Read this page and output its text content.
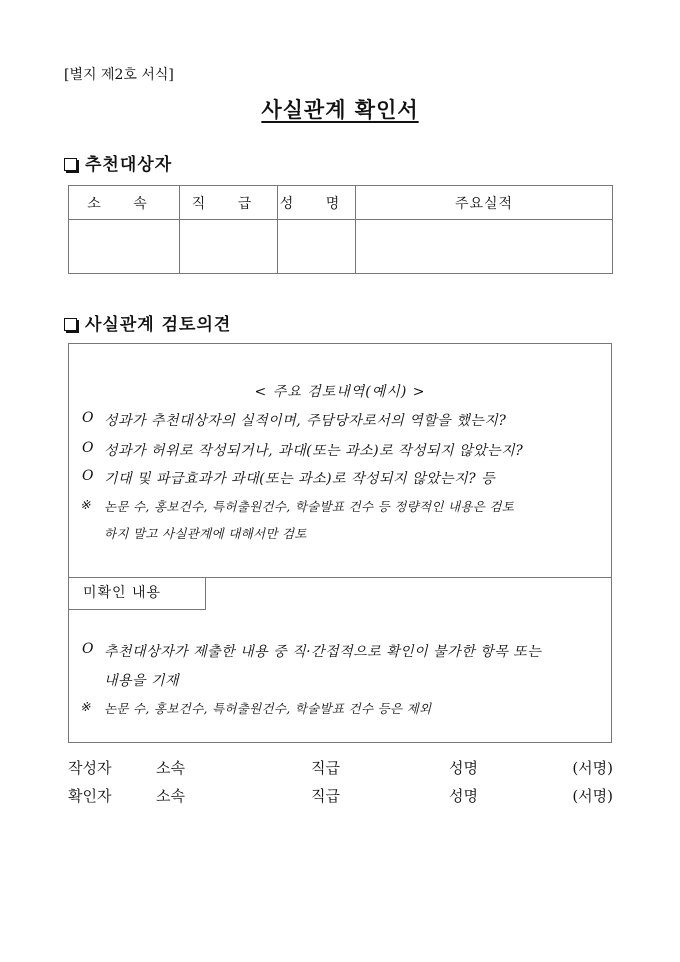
[별지 제2호 서식]
사실관계 확인서
추천대상자
소 속	직 급	성 명	주요실적

사실관계 검토의견
< 주요 검토내역(예시) >
O 성과가 추천대상자의 실적이며, 주담당자로서의 역할을 했는지?
O 성과가 허위로 작성되거나, 과대(또는 과소)로 작성되지 않았는지?
O 기대 및 파급효과가 과대(또는 과소)로 작성되지 않았는지? 등
※ 논문 수, 홍보건수, 특허출원건수, 학술발표 건수 등 정량적인 내용은 검토
하지 말고 사실관계에 대해서만 검토
미확인 내용
O 추천대상자가 제출한 내용 중 직·간접적으로 확인이 불가한 항목 또는
내용을 기재
※ 논문 수, 홍보건수, 특허출원건수, 학술발표 건수 등은 제외
작성자	소속	직급	성명	(서명)
확인자	소속	직급	성명	(서명)
